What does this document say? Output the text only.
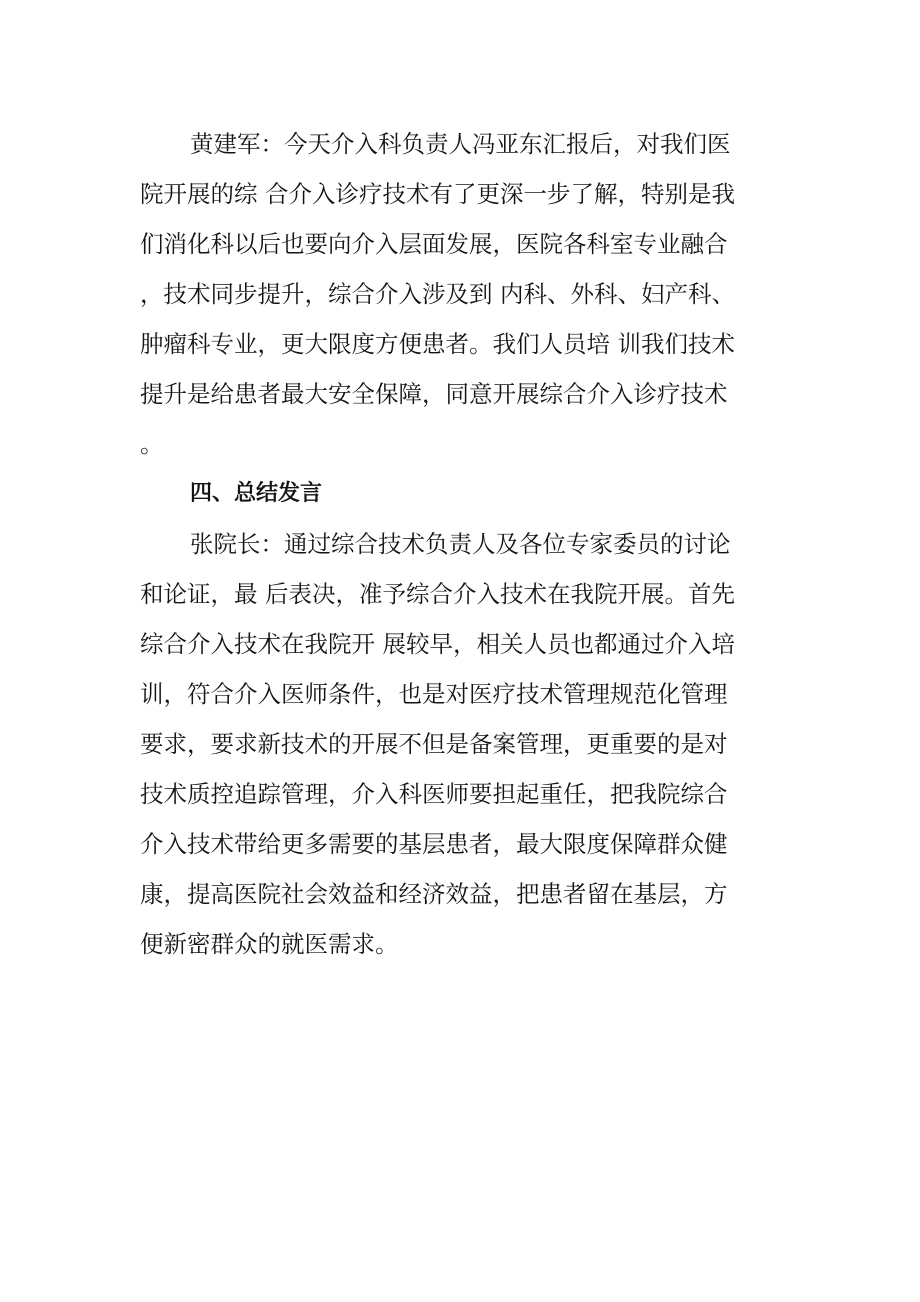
黄建军：今天介入科负责人冯亚东汇报后，对我们医
院开展的综 合介入诊疗技术有了更深一步了解，特别是我
们消化科以后也要向介入层面发展，医院各科室专业融合
，技术同步提升，综合介入涉及到 内科、外科、妇产科、
肿瘤科专业，更大限度方便患者。我们人员培 训我们技术
提升是给患者最大安全保障，同意开展综合介入诊疗技术
。
四、总结发言
张院长：通过综合技术负责人及各位专家委员的讨论
和论证，最 后表决，准予综合介入技术在我院开展。首先
综合介入技术在我院开 展较早，相关人员也都通过介入培
训，符合介入医师条件，也是对医疗技术管理规范化管理
要求，要求新技术的开展不但是备案管理，更重要的是对
技术质控追踪管理，介入科医师要担起重任，把我院综合
介入技术带给更多需要的基层患者，最大限度保障群众健
康，提高医院社会效益和经济效益，把患者留在基层，方
便新密群众的就医需求。
